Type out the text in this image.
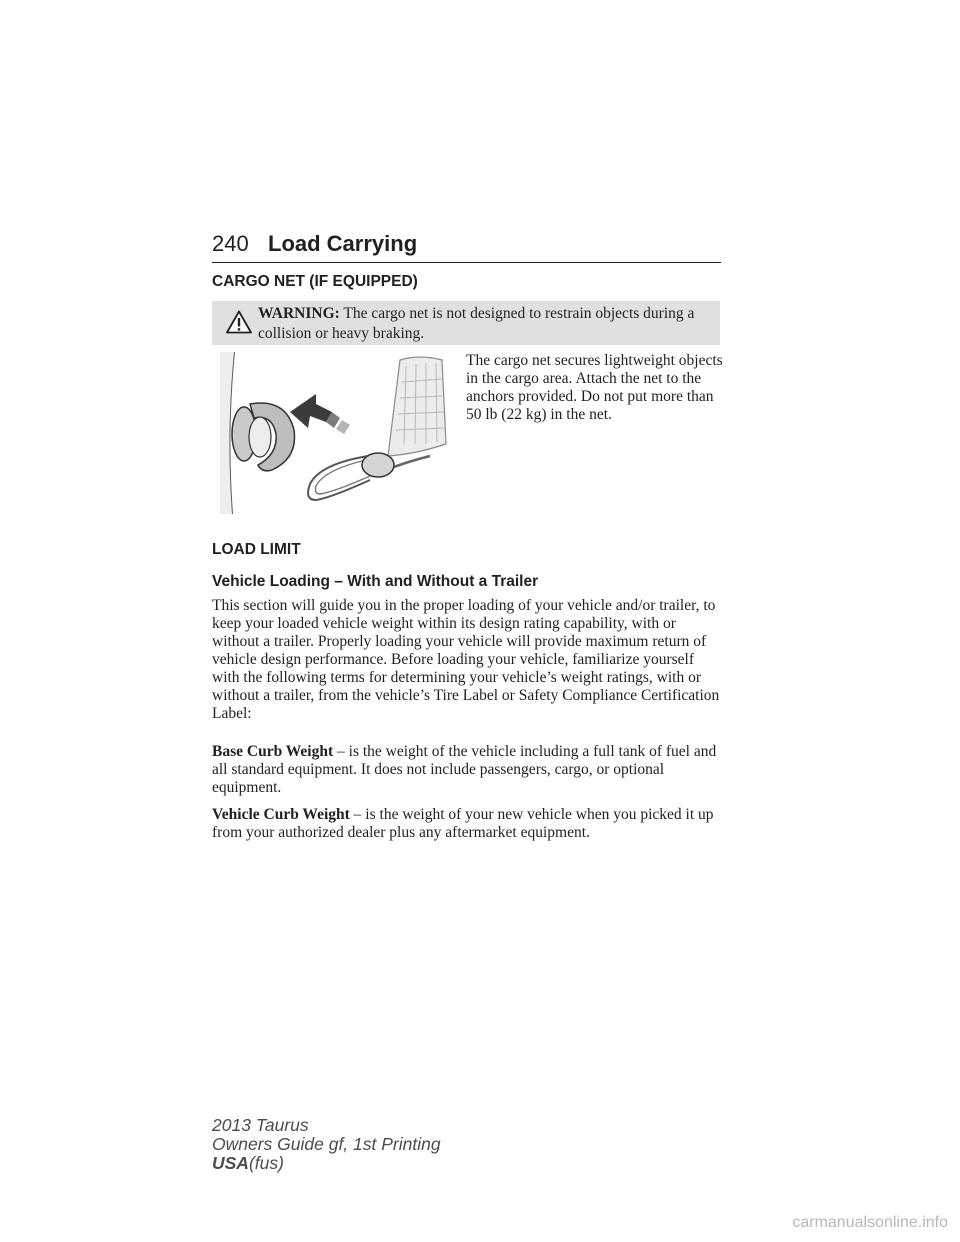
240 Load Carrying
CARGO NET (IF EQUIPPED)
WARNING: The cargo net is not designed to restrain objects during a collision or heavy braking.
The cargo net secures lightweight objects in the cargo area. Attach the net to the anchors provided. Do not put more than 50 lb (22 kg) in the net.
LOAD LIMIT
Vehicle Loading – With and Without a Trailer
This section will guide you in the proper loading of your vehicle and/or trailer, to keep your loaded vehicle weight within its design rating capability, with or without a trailer. Properly loading your vehicle will provide maximum return of vehicle design performance. Before loading your vehicle, familiarize yourself with the following terms for determining your vehicle’s weight ratings, with or without a trailer, from the vehicle’s Tire Label or Safety Compliance Certification Label:
Base Curb Weight – is the weight of the vehicle including a full tank of fuel and all standard equipment. It does not include passengers, cargo, or optional equipment.
Vehicle Curb Weight – is the weight of your new vehicle when you picked it up from your authorized dealer plus any aftermarket equipment.
2013 Taurus
Owners Guide gf, 1st Printing
USA(fus)
carmanualsonline.info
